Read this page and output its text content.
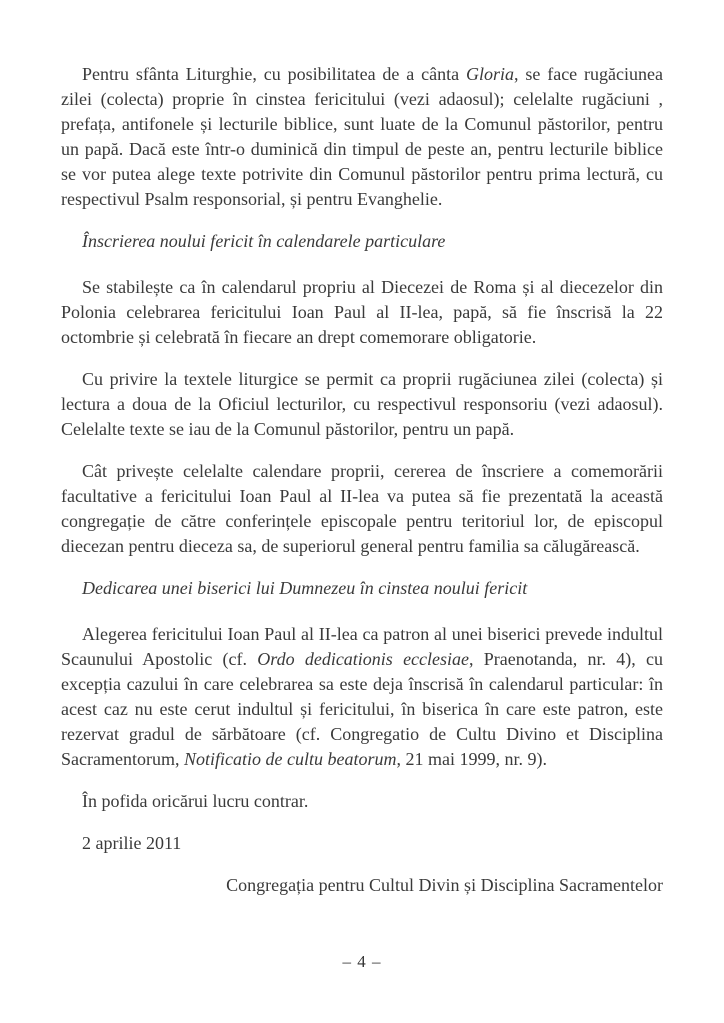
Pentru sfânta Liturghie, cu posibilitatea de a cânta Gloria, se face rugăciunea zilei (colecta) proprie în cinstea fericitului (vezi adaosul); celelalte rugăciuni , prefața, antifonele și lecturile biblice, sunt luate de la Comunul păstorilor, pentru un papă. Dacă este într-o duminică din timpul de peste an, pentru lecturile biblice se vor putea alege texte potrivite din Comunul păstorilor pentru prima lectură, cu respectivul Psalm responsorial, și pentru Evanghelie.
Înscrierea noului fericit în calendarele particulare
Se stabilește ca în calendarul propriu al Diecezei de Roma și al diecezelor din Polonia celebrarea fericitului Ioan Paul al II-lea, papă, să fie înscrisă la 22 octombrie și celebrată în fiecare an drept comemorare obligatorie.
Cu privire la textele liturgice se permit ca proprii rugăciunea zilei (colecta) și lectura a doua de la Oficiul lecturilor, cu respectivul responsoriu (vezi adaosul). Celelalte texte se iau de la Comunul păstorilor, pentru un papă.
Cât privește celelalte calendare proprii, cererea de înscriere a comemorării facultative a fericitului Ioan Paul al II-lea va putea să fie prezentată la această congregație de către conferințele episcopale pentru teritoriul lor, de episcopul diecezan pentru dieceza sa, de superiorul general pentru familia sa călugărească.
Dedicarea unei biserici lui Dumnezeu în cinstea noului fericit
Alegerea fericitului Ioan Paul al II-lea ca patron al unei biserici prevede indultul Scaunului Apostolic (cf. Ordo dedicationis ecclesiae, Praenotanda, nr. 4), cu excepția cazului în care celebrarea sa este deja înscrisă în calendarul particular: în acest caz nu este cerut indultul și fericitului, în biserica în care este patron, este rezervat gradul de sărbătoare (cf. Congregatio de Cultu Divino et Disciplina Sacramentorum, Notificatio de cultu beatorum, 21 mai 1999, nr. 9).
În pofida oricărui lucru contrar.
2 aprilie 2011
Congregația pentru Cultul Divin și Disciplina Sacramentelor
– 4 –
